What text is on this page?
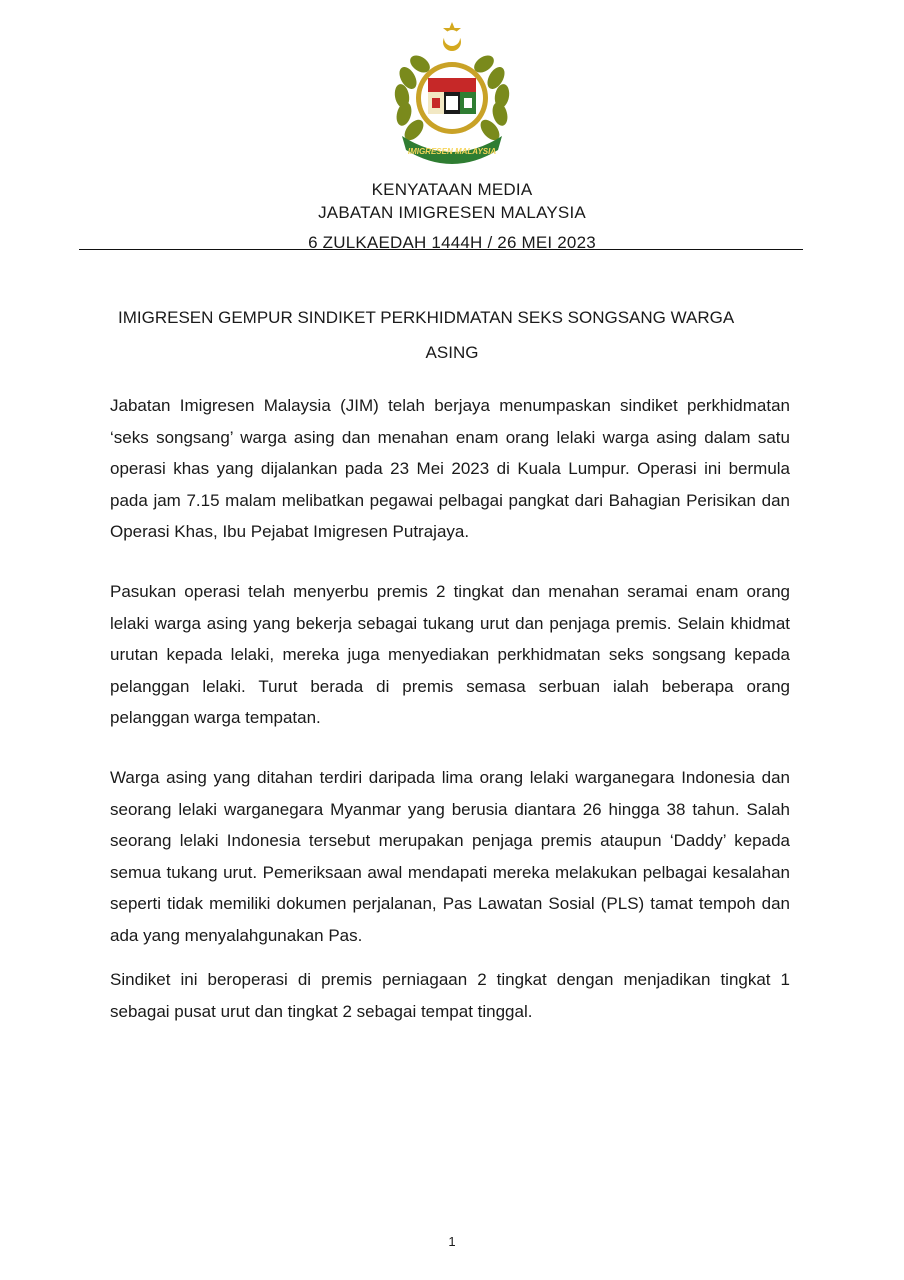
IMIGRESEN MALAYSIA
KENYATAAN MEDIA
JABATAN IMIGRESEN MALAYSIA
6 ZULKAEDAH 1444H / 26 MEI 2023
IMIGRESEN GEMPUR SINDIKET PERKHIDMATAN SEKS SONGSANG WARGA
ASING
Jabatan Imigresen Malaysia (JIM) telah berjaya menumpaskan sindiket perkhidmatan ‘seks songsang’ warga asing dan menahan enam orang lelaki warga asing dalam satu operasi khas yang dijalankan pada 23 Mei 2023 di Kuala Lumpur. Operasi ini bermula pada jam 7.15 malam melibatkan pegawai pelbagai pangkat dari Bahagian Perisikan dan Operasi Khas, Ibu Pejabat Imigresen Putrajaya.
Pasukan operasi telah menyerbu premis 2 tingkat dan menahan seramai enam orang lelaki warga asing yang bekerja sebagai tukang urut dan penjaga premis. Selain khidmat urutan kepada lelaki, mereka juga menyediakan perkhidmatan seks songsang kepada pelanggan lelaki. Turut berada di premis semasa serbuan ialah beberapa orang pelanggan warga tempatan.
Warga asing yang ditahan terdiri daripada lima orang lelaki warganegara Indonesia dan seorang lelaki warganegara Myanmar yang berusia diantara 26 hingga 38 tahun. Salah seorang lelaki Indonesia tersebut merupakan penjaga premis ataupun ‘Daddy’ kepada semua tukang urut. Pemeriksaan awal mendapati mereka melakukan pelbagai kesalahan seperti tidak memiliki dokumen perjalanan, Pas Lawatan Sosial (PLS) tamat tempoh dan ada yang menyalahgunakan Pas.
Sindiket ini beroperasi di premis perniagaan 2 tingkat dengan menjadikan tingkat 1 sebagai pusat urut dan tingkat 2 sebagai tempat tinggal.
1
